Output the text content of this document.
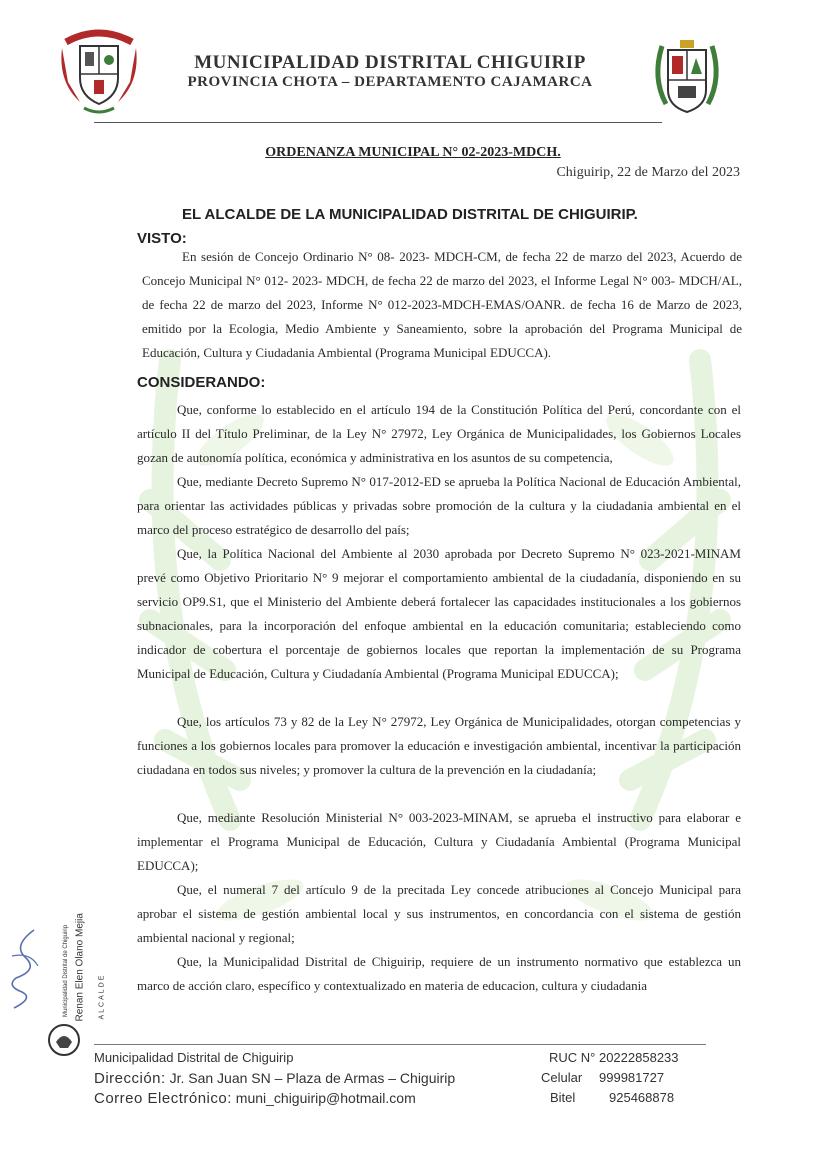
MUNICIPALIDAD DISTRITAL CHIGUIRIP
PROVINCIA CHOTA – DEPARTAMENTO CAJAMARCA
ORDENANZA MUNICIPAL N° 02-2023-MDCH.
Chiguirip, 22 de Marzo del 2023
EL ALCALDE DE LA MUNICIPALIDAD DISTRITAL DE CHIGUIRIP.
VISTO:
En sesión de Concejo Ordinario N° 08- 2023- MDCH-CM, de fecha 22 de marzo del 2023, Acuerdo de Concejo Municipal N° 012- 2023- MDCH, de fecha 22 de marzo del 2023, el Informe Legal N° 003- MDCH/AL, de fecha 22 de marzo del 2023, Informe N° 012-2023-MDCH-EMAS/OANR. de fecha 16 de Marzo de 2023, emitido por la Ecologia, Medio Ambiente y Saneamiento, sobre la aprobación del Programa Municipal de Educación, Cultura y Ciudadania Ambiental (Programa Municipal EDUCCA).
CONSIDERANDO:
Que, conforme lo establecido en el artículo 194 de la Constitución Política del Perú, concordante con el artículo II del Título Preliminar, de la Ley N° 27972, Ley Orgánica de Municipalidades, los Gobiernos Locales gozan de autonomía política, económica y administrativa en los asuntos de su competencia,
Que, mediante Decreto Supremo N° 017-2012-ED se aprueba la Política Nacional de Educación Ambiental, para orientar las actividades públicas y privadas sobre promoción de la cultura y la ciudadania ambiental en el marco del proceso estratégico de desarrollo del país;
Que, la Política Nacional del Ambiente al 2030 aprobada por Decreto Supremo N° 023-2021-MINAM prevé como Objetivo Prioritario N° 9 mejorar el comportamiento ambiental de la ciudadanía, disponiendo en su servicio OP9.S1, que el Ministerio del Ambiente deberá fortalecer las capacidades institucionales a los gobiernos subnacionales, para la incorporación del enfoque ambiental en la educación comunitaria; estableciendo como indicador de cobertura el porcentaje de gobiernos locales que reportan la implementación de su Programa Municipal de Educación, Cultura y Ciudadanía Ambiental (Programa Municipal EDUCCA);
Que, los artículos 73 y 82 de la Ley N° 27972, Ley Orgánica de Municipalidades, otorgan competencias y funciones a los gobiernos locales para promover la educación e investigación ambiental, incentivar la participación ciudadana en todos sus niveles; y promover la cultura de la prevención en la ciudadanía;
Que, mediante Resolución Ministerial N° 003-2023-MINAM, se aprueba el instructivo para elaborar e implementar el Programa Municipal de Educación, Cultura y Ciudadanía Ambiental (Programa Municipal EDUCCA);
Que, el numeral 7 del artículo 9 de la precitada Ley concede atribuciones al Concejo Municipal para aprobar el sistema de gestión ambiental local y sus instrumentos, en concordancia con el sistema de gestión ambiental nacional y regional;
Que, la Municipalidad Distrital de Chiguirip, requiere de un instrumento normativo que establezca un marco de acción claro, específico y contextualizado en materia de educacion, cultura y ciudadania
Municipalidad Distrital de Chiguirip Renan Elen Olano Mejia ALCALDE
Municipalidad Distrital de Chiguirip
Dirección: Jr. San Juan SN – Plaza de Armas – Chiguirip
Correo Electrónico: muni_chiguirip@hotmail.com
RUC N° 20222858233
Celular 999981727
Bitel	925468878
